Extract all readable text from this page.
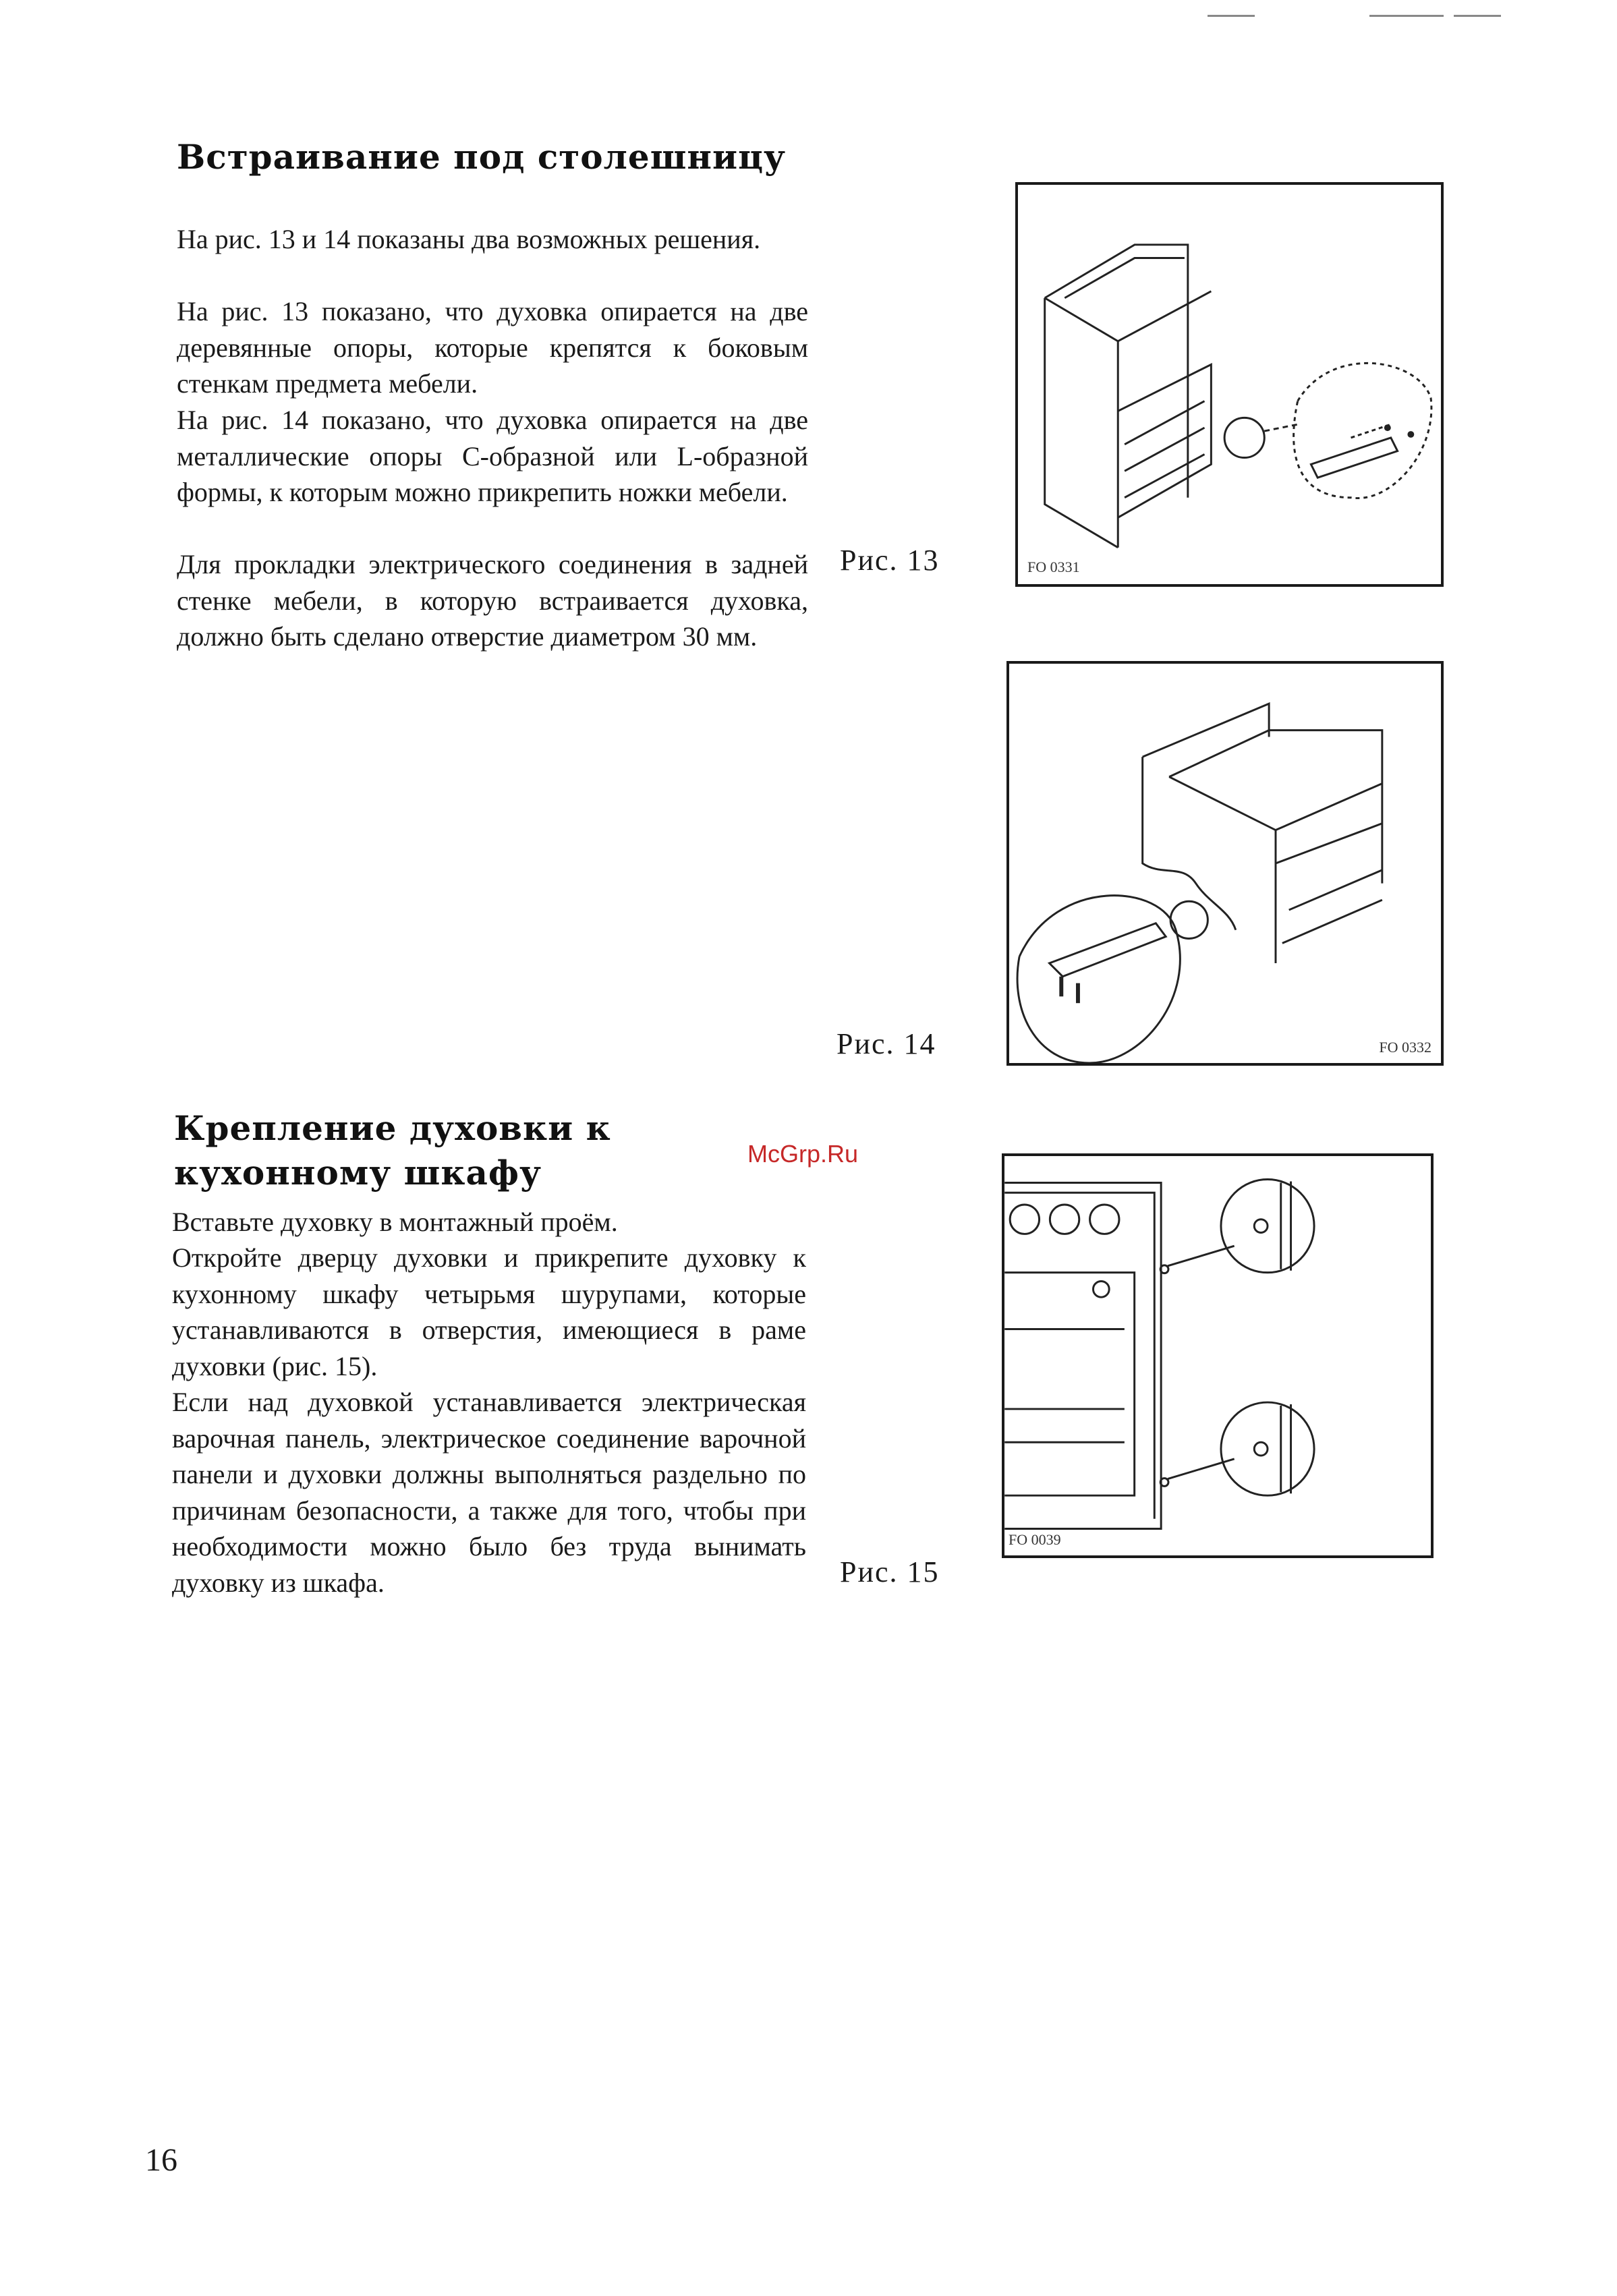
Встраивание под столешницу

На рис. 13 и 14 показаны два возможных решения.

На рис. 13 показано, что духовка опирается на две деревянные опоры, которые крепятся к боковым стенкам предмета мебели.

На рис. 14 показано, что духовка опирается на две металлические опоры С-образной или L-образной формы, к которым можно прикрепить ножки мебели.

Для прокладки электрического соединения в задней стенке мебели, в которую встраивается духовка, должно быть сделано отверстие диаметром 30 мм.

Рис. 13	FO 0331
Рис. 14	FO 0332
Крепление духовки к кухонному шкафу	McGrp.Ru

Вставьте духовку в монтажный проём.

Откройте дверцу духовки и прикрепите духовку к кухонному шкафу четырьмя шурупами, которые устанавливаются в отверстия, имеющиеся в раме духовки (рис. 15).

Если над духовкой устанавливается электрическая варочная панель, электрическое соединение варочной панели и духовки должны выполняться раздельно по причинам безопасности, а также для того, чтобы при необходимости можно было без труда вынимать духовку из шкафа.	Рис. 15
FO 0039
16
